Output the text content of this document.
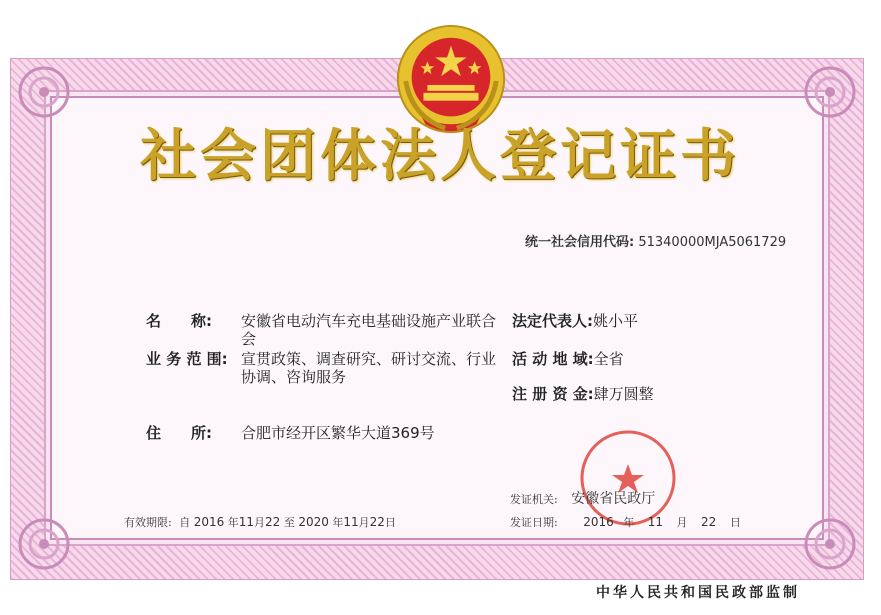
社会团体法人登记证书
统一社会信用代码: 51340000MJA5061729
名　　称: 安徽省电动汽车充电基础设施产业联合会
业 务 范 围: 宣贯政策、调查研究、研讨交流、行业协调、咨询服务
住　　所: 合肥市经开区繁华大道369号
法定代表人:姚小平
活 动 地 域:全省
注 册 资 金:肆万圆整
发证机关: 安徽省民政厅
发证日期: 2016 年 11 月 22 日
有效期限: 自 2016 年11月22 至 2020 年11月22日
中华人民共和国民政部监制
